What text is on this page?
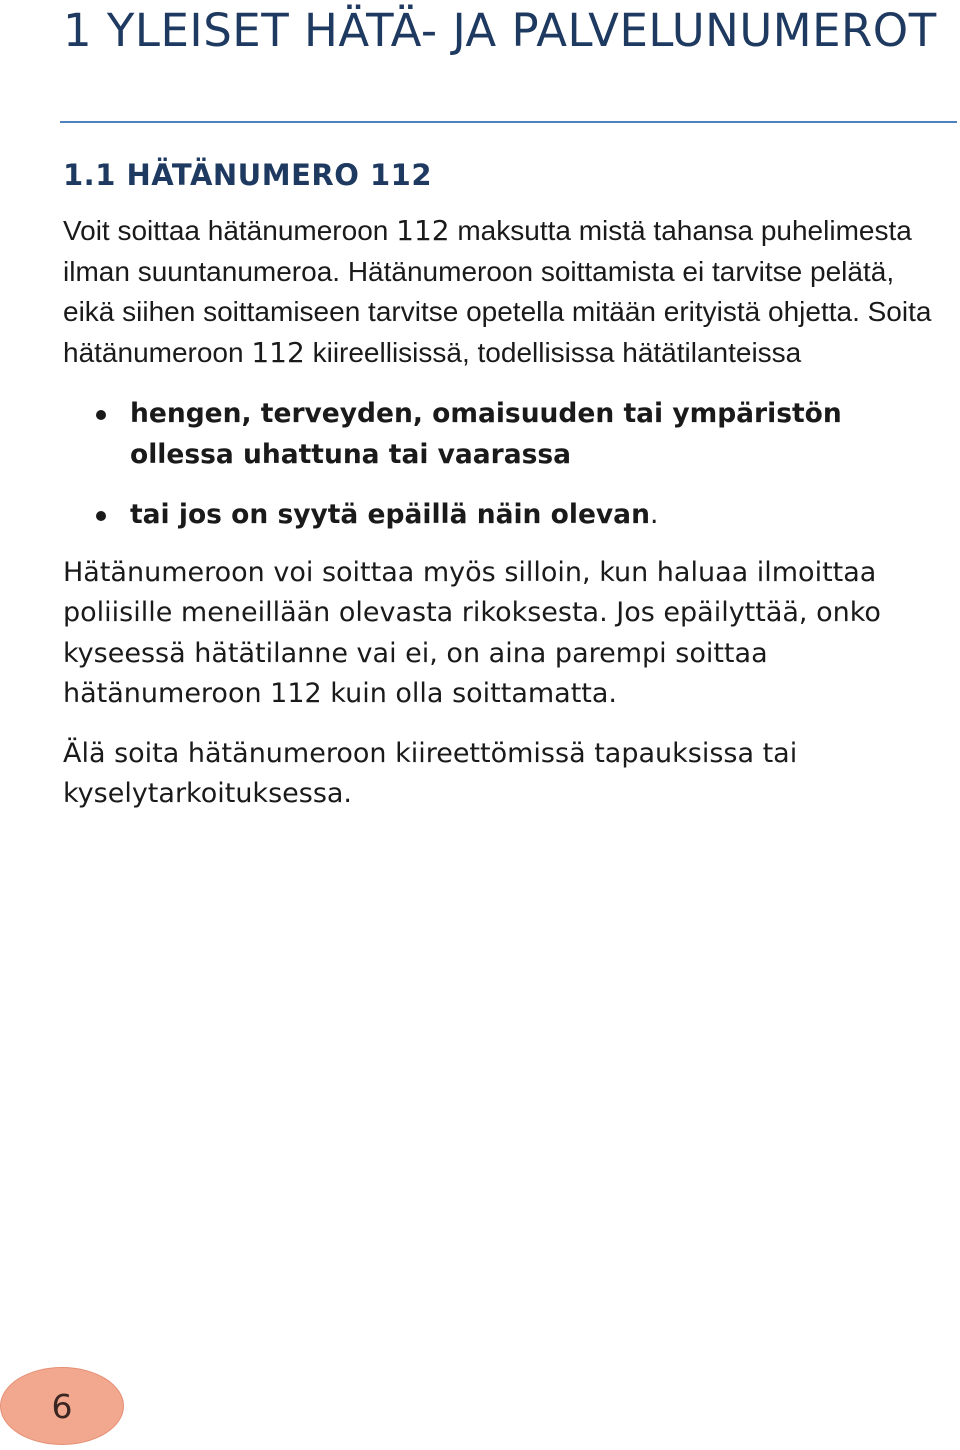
1 YLEISET HÄTÄ- JA PALVELUNUMEROT
1.1 HÄTÄNUMERO 112

Voit soittaa hätänumeroon 112 maksutta mistä tahansa puhelimesta ilman suuntanumeroa. Hätänumeroon soittamista ei tarvitse pelätä, eikä siihen soittamiseen tarvitse opetella mitään erityistä ohjetta. Soita hätänumeroon 112 kiireellisissä, todellisissa hätätilanteissa

hengen, terveyden, omaisuuden tai ympäristön ollessa uhattuna tai vaarassa
tai jos on syytä epäillä näin olevan.

Hätänumeroon voi soittaa myös silloin, kun haluaa ilmoittaa poliisille meneillään olevasta rikoksesta. Jos epäilyttää, onko kyseessä hätätilanne vai ei, on aina parempi soittaa hätänumeroon 112 kuin olla soittamatta.

Älä soita hätänumeroon kiireettömissä tapauksissa tai kyselytarkoituksessa.

6
